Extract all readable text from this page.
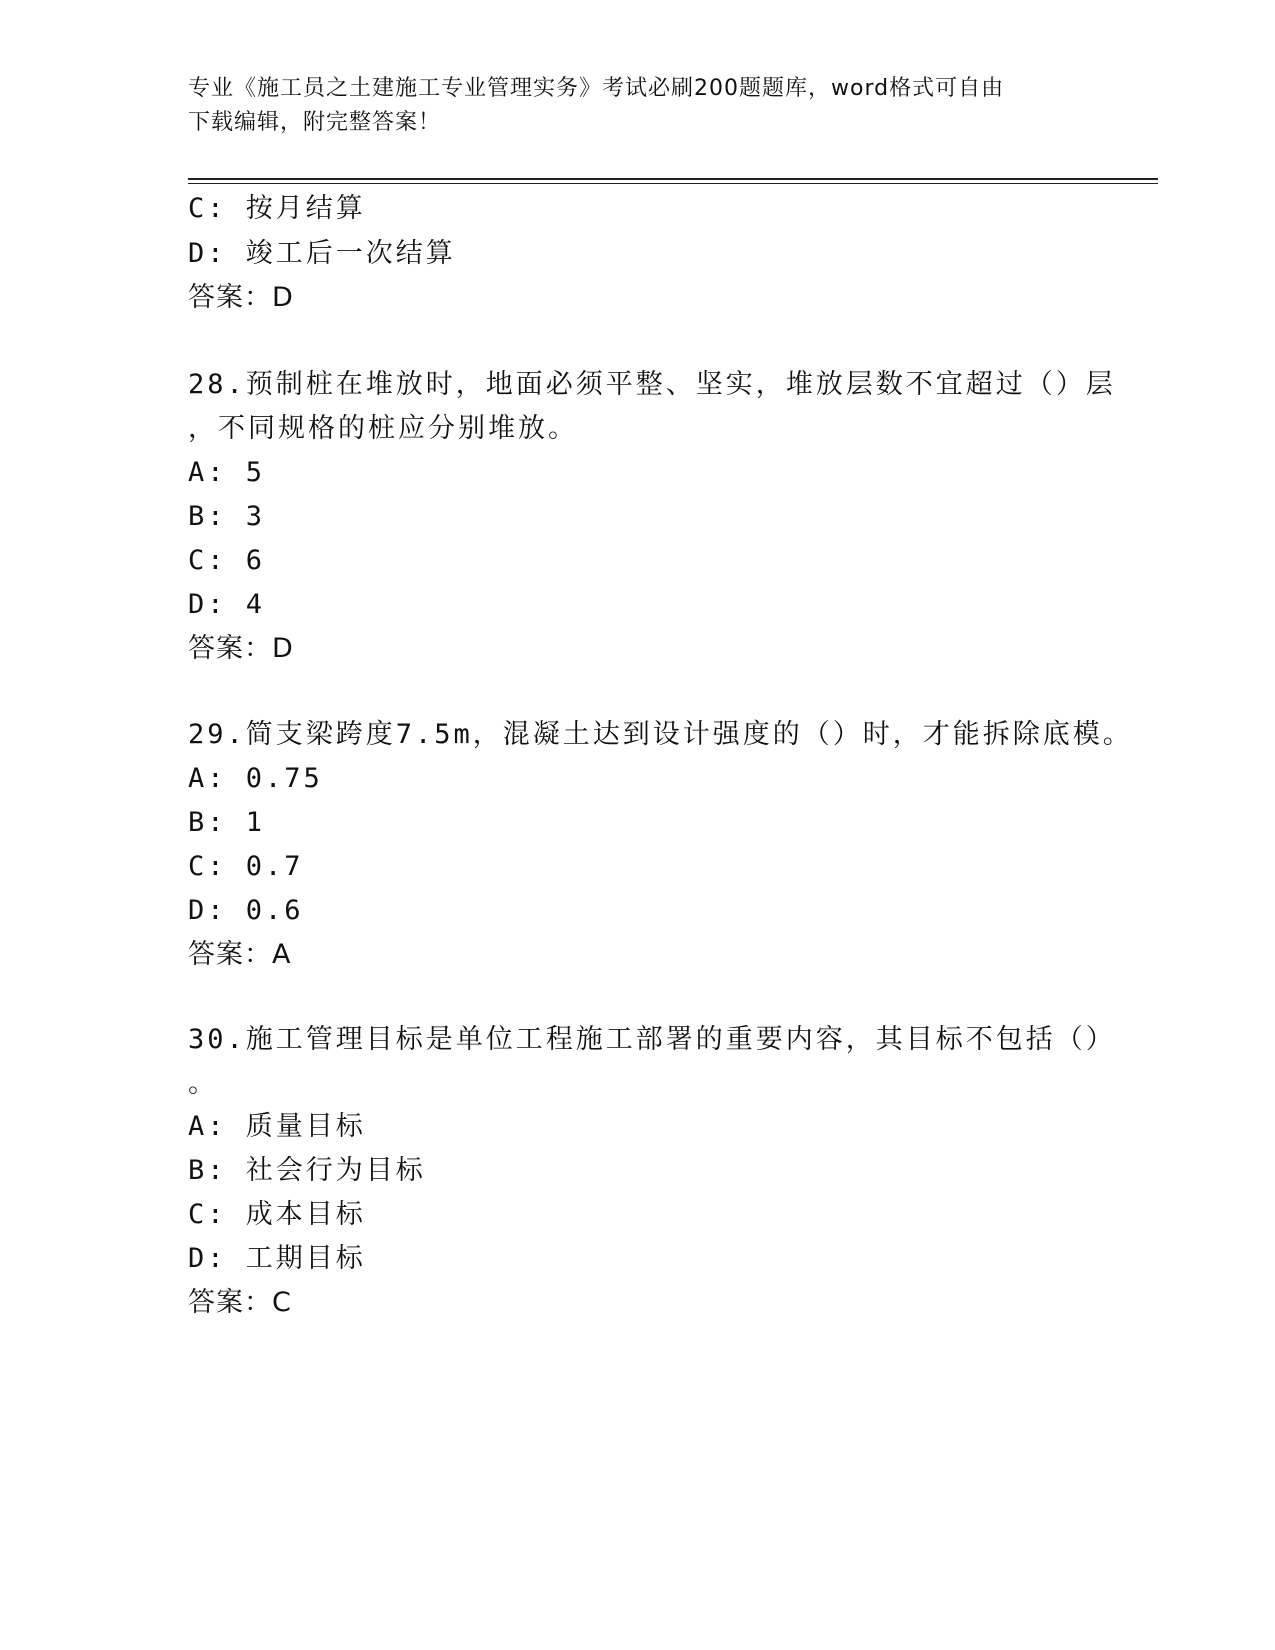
专业《施工员之土建施工专业管理实务》考试必刷200题题库，word格式可自由
下载编辑，附完整答案！
C: 按月结算
D: 竣工后一次结算
答案：D
28.预制桩在堆放时，地面必须平整、坚实，堆放层数不宜超过（）层
，不同规格的桩应分别堆放。
A: 5
B: 3
C: 6
D: 4
答案：D
29.简支梁跨度7.5m，混凝土达到设计强度的（）时，才能拆除底模。
A: 0.75
B: 1
C: 0.7
D: 0.6
答案：A
30.施工管理目标是单位工程施工部署的重要内容，其目标不包括（）
。
A: 质量目标
B: 社会行为目标
C: 成本目标
D: 工期目标
答案：C
